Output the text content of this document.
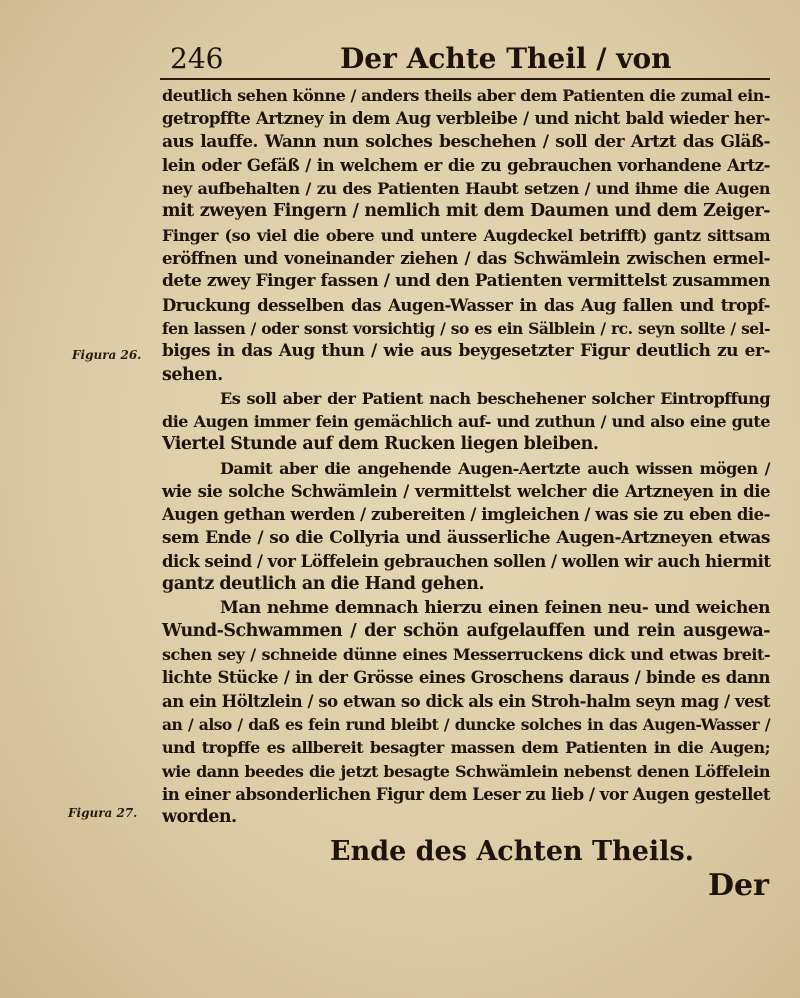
246	Der Achte Theil / von
Figura 26.
Figura 27.
deutlich sehen könne / anders theils aber dem Patienten die zumal ein-
getropffte Artzney in dem Aug verbleibe / und nicht bald wieder her-
aus lauffe. Wann nun solches beschehen / soll der Artzt das Gläß-
lein oder Gefäß / in welchem er die zu gebrauchen vorhandene Artz-
ney aufbehalten / zu des Patienten Haubt setzen / und ihme die Augen
mit zweyen Fingern / nemlich mit dem Daumen und dem Zeiger-
Finger (so viel die obere und untere Augdeckel betrifft) gantz sittsam
eröffnen und voneinander ziehen / das Schwämlein zwischen ermel-
dete zwey Finger fassen / und den Patienten vermittelst zusammen
Druckung desselben das Augen-Wasser in das Aug fallen und tropf-
fen lassen / oder sonst vorsichtig / so es ein Sälblein / rc. seyn sollte / sel-
biges in das Aug thun / wie aus beygesetzter Figur deutlich zu er-
sehen.
Es soll aber der Patient nach beschehener solcher Eintropffung
die Augen immer fein gemächlich auf- und zuthun / und also eine gute
Viertel Stunde auf dem Rucken liegen bleiben.
Damit aber die angehende Augen-Aertzte auch wissen mögen /
wie sie solche Schwämlein / vermittelst welcher die Artzneyen in die
Augen gethan werden / zubereiten / imgleichen / was sie zu eben die-
sem Ende / so die Collyria und äusserliche Augen-Artzneyen etwas
dick seind / vor Löffelein gebrauchen sollen / wollen wir auch hiermit
gantz deutlich an die Hand gehen.
Man nehme demnach hierzu einen feinen neu- und weichen
Wund-Schwammen / der schön aufgelauffen und rein ausgewa-
schen sey / schneide dünne eines Messerruckens dick und etwas breit-
lichte Stücke / in der Grösse eines Groschens daraus / binde es dann
an ein Höltzlein / so etwan so dick als ein Stroh-halm seyn mag / vest
an / also / daß es fein rund bleibt / duncke solches in das Augen-Wasser /
und tropffe es allbereit besagter massen dem Patienten in die Augen;
wie dann beedes die jetzt besagte Schwämlein nebenst denen Löffelein
in einer absonderlichen Figur dem Leser zu lieb / vor Augen gestellet
worden.
Ende des Achten Theils.
Der
